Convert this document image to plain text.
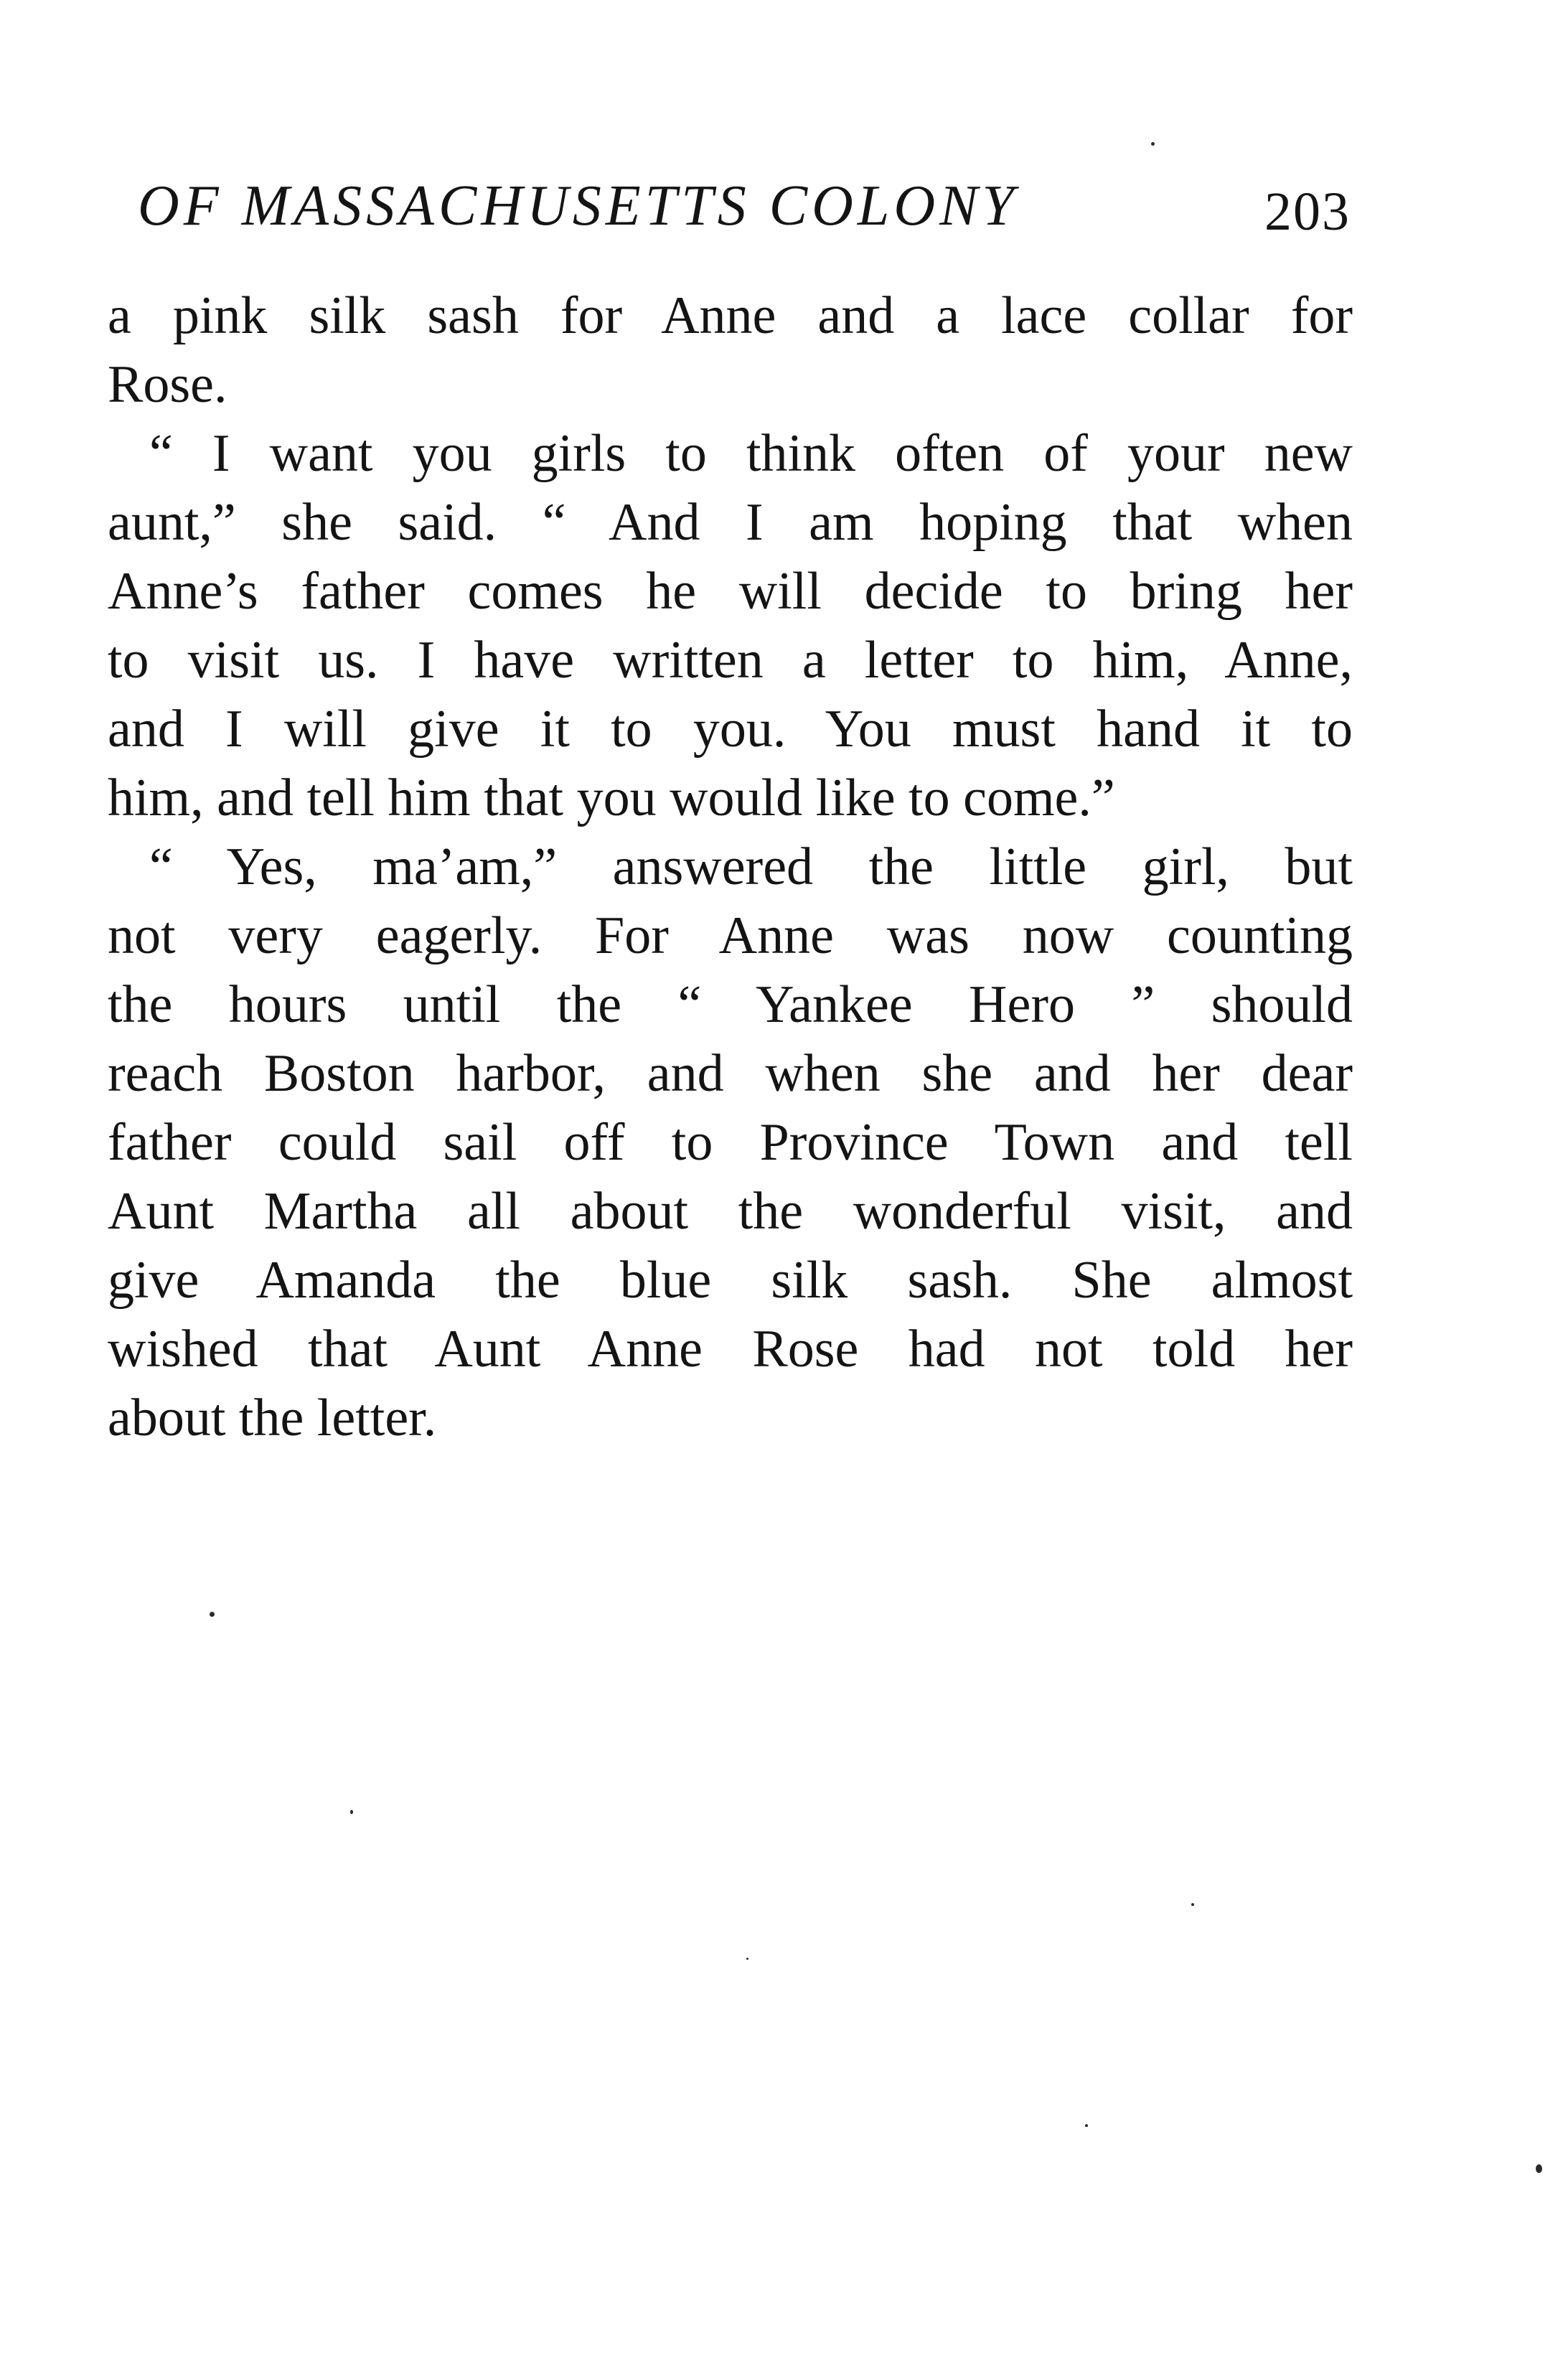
OF MASSACHUSETTS COLONY	203
a pink silk sash for Anne and a lace collar for
Rose.
“ I want you girls to think often of your new
aunt,” she said. “ And I am hoping that when
Anne’s father comes he will decide to bring her
to visit us. I have written a letter to him, Anne,
and I will give it to you. You must hand it to
him, and tell him that you would like to come.”
“ Yes, ma’am,” answered the little girl, but
not very eagerly. For Anne was now counting
the hours until the “ Yankee Hero ” should
reach Boston harbor, and when she and her dear
father could sail off to Province Town and tell
Aunt Martha all about the wonderful visit, and
give Amanda the blue silk sash. She almost
wished that Aunt Anne Rose had not told her
about the letter.
